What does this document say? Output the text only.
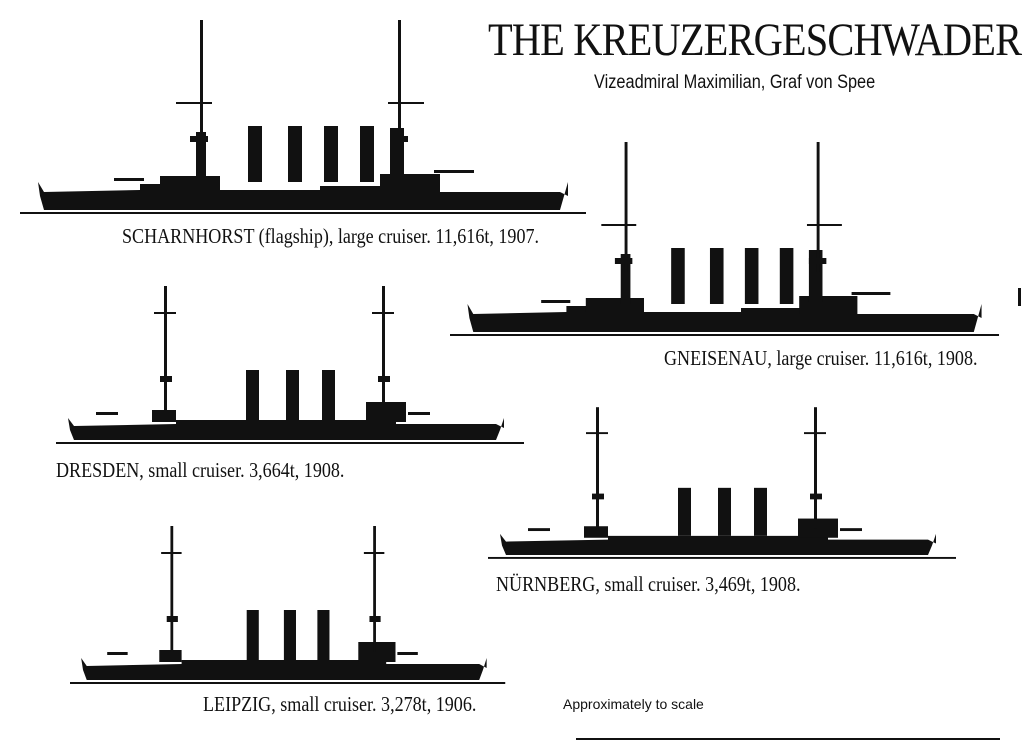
THE KREUZERGESCHWADER
Vizeadmiral Maximilian, Graf von Spee
SCHARNHORST (flagship), large cruiser. 11,616t, 1907.
GNEISENAU, large cruiser. 11,616t, 1908.
DRESDEN, small cruiser. 3,664t, 1908.
NÜRNBERG, small cruiser. 3,469t, 1908.
LEIPZIG, small cruiser. 3,278t, 1906.	Approximately to scale
